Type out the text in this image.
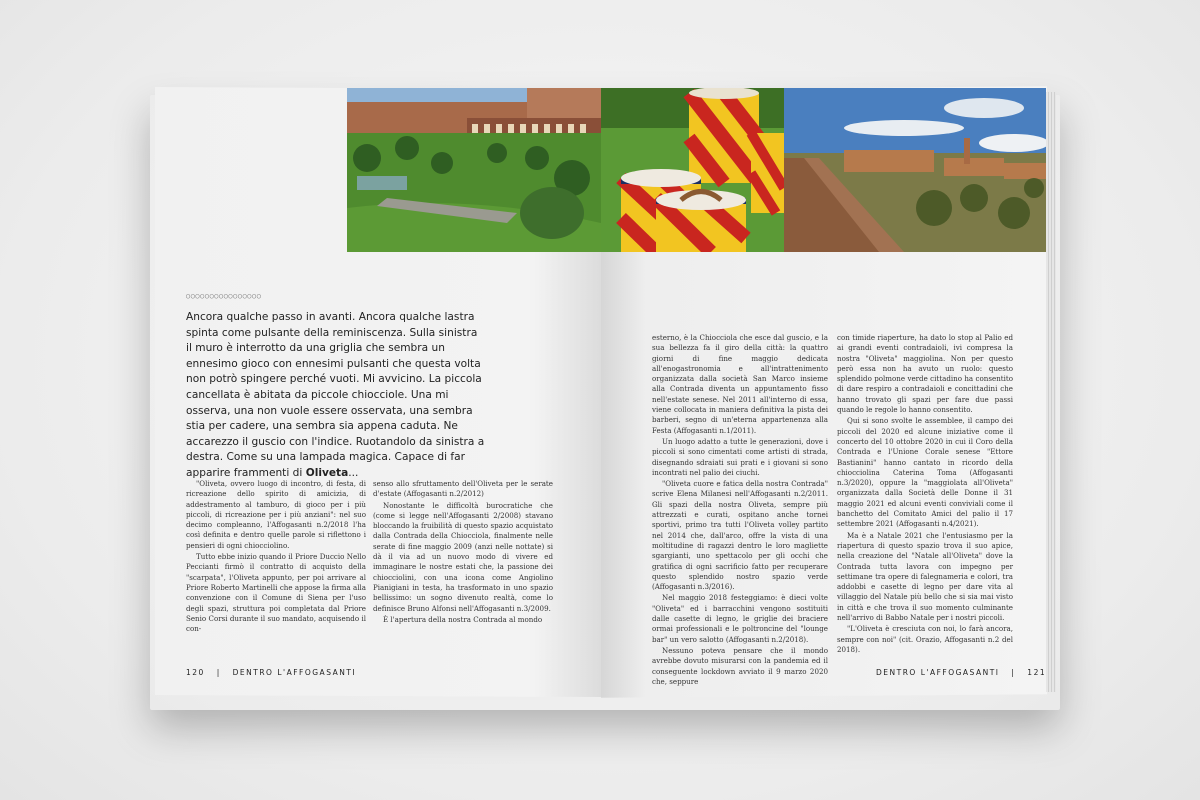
○○○○○○○○○○○○○○○○
Ancora qualche passo in avanti. Ancora qualche lastra spinta come pulsante della reminiscenza. Sulla sinistra il muro è interrotto da una griglia che sembra un ennesimo gioco con ennesimi pulsanti che questa volta non potrò spingere perché vuoti. Mi avvicino. La piccola cancellata è abitata da piccole chiocciole. Una mi osserva, una non vuole essere osservata, una sembra stia per cadere, una sembra sia appena caduta. Ne accarezzo il guscio con l'indice. Ruotandolo da sinistra a destra. Come su una lampada magica. Capace di far apparire frammenti di Oliveta...

"Oliveta, ovvero luogo di incontro, di festa, di ricreazione dello spirito di amicizia, di addestramento al tamburo, di gioco per i più piccoli, di ricreazione per i più anziani": nel suo decimo compleanno, l'Affogasanti n.2/2018 l'ha così definita e dentro quelle parole si riflettono i pensieri di ogni chiocciolino.

Tutto ebbe inizio quando il Priore Duccio Nello Peccianti firmò il contratto di acquisto della "scarpata", l'Oliveta appunto, per poi arrivare al Priore Roberto Martinelli che appose la firma alla convenzione con il Comune di Siena per l'uso degli spazi, struttura poi completata dal Priore Senio Corsi durante il suo mandato, acquisendo il con-

senso allo sfruttamento dell'Oliveta per le serate d'estate (Affogasanti n.2/2012)

Nonostante le difficoltà burocratiche che (come si legge nell'Affogasanti 2/2008) stavano bloccando la fruibilità di questo spazio acquistato dalla Contrada della Chiocciola, finalmente nelle serate di fine maggio 2009 (anzi nelle nottate) si dà il via ad un nuovo modo di vivere ed immaginare le nostre estati che, la passione dei chiocciolini, con una icona come Angiolino Pianigiani in testa, ha trasformato in uno spazio bellissimo: un sogno divenuto realtà, come lo definisce Bruno Alfonsi nell'Affogasanti n.3/2009.

È l'apertura della nostra Contrada al mondo

esterno, è la Chiocciola che esce dal guscio, e la sua bellezza fa il giro della città: la quattro giorni di fine maggio dedicata all'enogastronomia e all'intrattenimento organizzata dalla società San Marco insieme alla Contrada diventa un appuntamento fisso nell'estate senese. Nel 2011 all'interno di essa, viene collocata in maniera definitiva la pista dei barberi, segno di un'eterna appartenenza alla Festa (Affogasanti n.1/2011).

Un luogo adatto a tutte le generazioni, dove i piccoli si sono cimentati come artisti di strada, disegnando sdraiati sui prati e i giovani si sono incontrati nel palio dei ciuchi.

"Oliveta cuore e fatica della nostra Contrada" scrive Elena Milanesi nell'Affogasanti n.2/2011. Gli spazi della nostra Oliveta, sempre più attrezzati e curati, ospitano anche tornei sportivi, primo tra tutti l'Oliveta volley partito nel 2014 che, dall'arco, offre la vista di una moltitudine di ragazzi dentro le loro magliette sgargianti, uno spettacolo per gli occhi che gratifica di ogni sacrificio fatto per recuperare questo splendido nostro spazio verde (Affogasanti n.3/2016).

Nel maggio 2018 festeggiamo: è dieci volte "Oliveta" ed i barracchini vengono sostituiti dalle casette di legno, le griglie dei braciere ormai professionali e le poltroncine del "lounge bar" un vero salotto (Affogasanti n.2/2018).

Nessuno poteva pensare che il mondo avrebbe dovuto misurarsi con la pandemia ed il conseguente lockdown avviato il 9 marzo 2020 che, seppure

con timide riaperture, ha dato lo stop al Palio ed ai grandi eventi contradaioli, ivi compresa la nostra "Oliveta" maggiolina. Non per questo però essa non ha avuto un ruolo: questo splendido polmone verde cittadino ha consentito di dare respiro a contradaioli e concittadini che hanno trovato gli spazi per fare due passi quando le regole lo hanno consentito.

Qui si sono svolte le assemblee, il campo dei piccoli del 2020 ed alcune iniziative come il concerto del 10 ottobre 2020 in cui il Coro della Contrada e l'Unione Corale senese "Ettore Bastianini" hanno cantato in ricordo della chiocciolina Caterina Toma (Affogasanti n.3/2020), oppure la "maggiolata all'Oliveta" organizzata dalla Società delle Donne il 31 maggio 2021 ed alcuni eventi conviviali come il banchetto del Comitato Amici del palio il 17 settembre 2021 (Affogasanti n.4/2021).

Ma è a Natale 2021 che l'entusiasmo per la riapertura di questo spazio trova il suo apice, nella creazione del "Natale all'Oliveta" dove la Contrada tutta lavora con impegno per settimane tra opere di falegnameria e colori, tra addobbi e casette di legno per dare vita al villaggio del Natale più bello che si sia mai visto in città e che trova il suo momento culminante nell'arrivo di Babbo Natale per i nostri piccoli.

"L'Oliveta è cresciuta con noi, lo farà ancora, sempre con noi" (cit. Orazio, Affogasanti n.2 del 2018).

120 | DENTRO L'AFFOGASANTI	DENTRO L'AFFOGASANTI | 121
